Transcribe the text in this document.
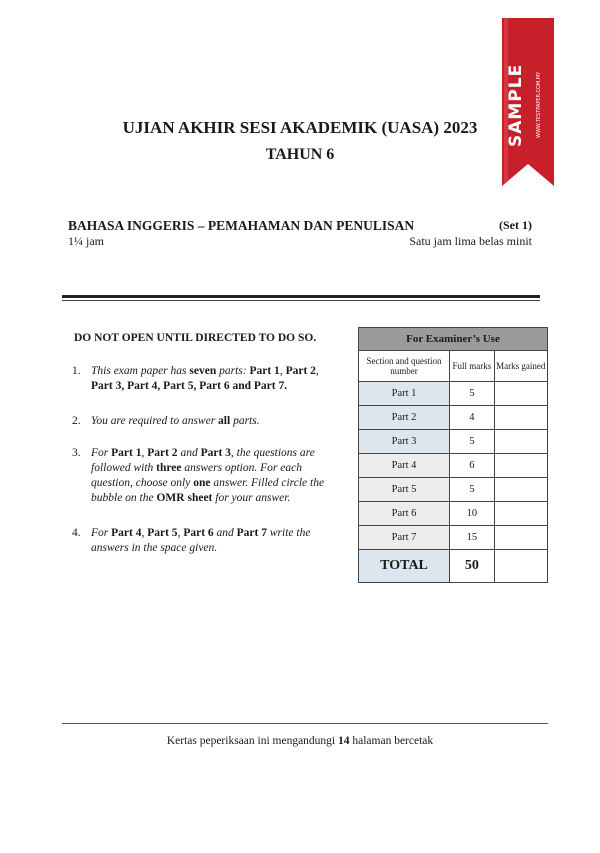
SAMPLE	WWW.TESTPAPER.COM.MY
UJIAN AKHIR SESI AKADEMIK (UASA) 2023
TAHUN 6
BAHASA INGGERIS – PEMAHAMAN DAN PENULISAN	(Set 1)
1¼ jam	Satu jam lima belas minit
DO NOT OPEN UNTIL DIRECTED TO DO SO.
1. This exam paper has seven parts: Part 1, Part 2, Part 3, Part 4, Part 5, Part 6 and Part 7.
2. You are required to answer all parts.
3. For Part 1, Part 2 and Part 3, the questions are followed with three answers option. For each question, choose only one answer. Filled circle the bubble on the OMR sheet for your answer.
4. For Part 4, Part 5, Part 6 and Part 7 write the answers in the space given.
For Examiner’s Use		
Section and question number	Full marks	Marks gained
Part 1	5	
Part 2	4	
Part 3	5	
Part 4	6	
Part 5	5	
Part 6	10	
Part 7	15	
TOTAL	50	
Kertas peperiksaan ini mengandungi 14 halaman bercetak
